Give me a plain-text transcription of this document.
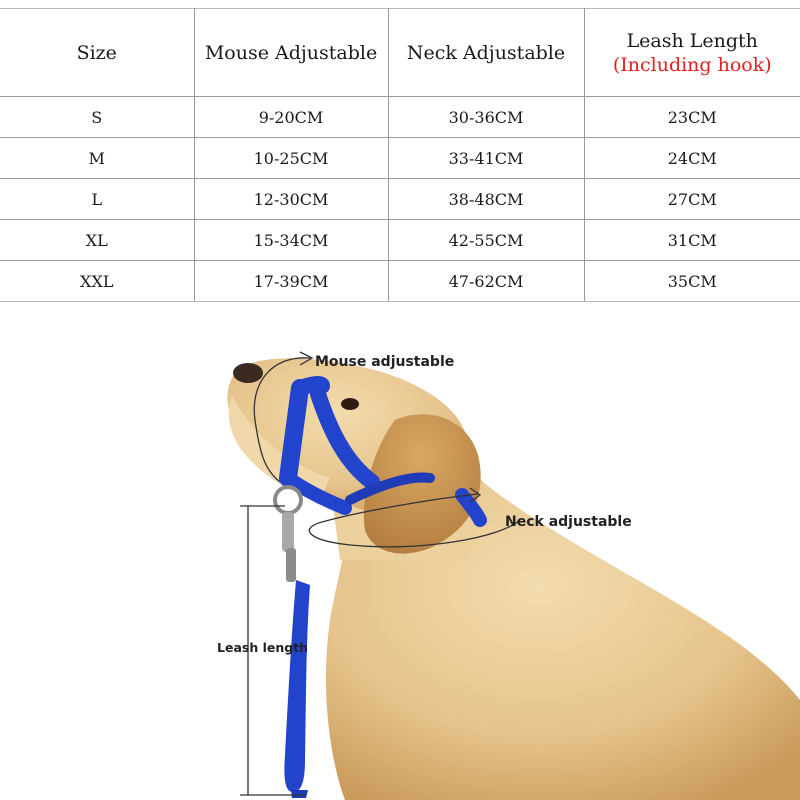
Size	Mouse Adjustable	Neck Adjustable	Leash Length
(Including hook)

S	9-20CM	30-36CM	23CM
M	10-25CM	33-41CM	24CM
L	12-30CM	38-48CM	27CM
XL	15-34CM	42-55CM	31CM
XXL	17-39CM	47-62CM	35CM
Mouse adjustable
Neck adjustable
Leash length
